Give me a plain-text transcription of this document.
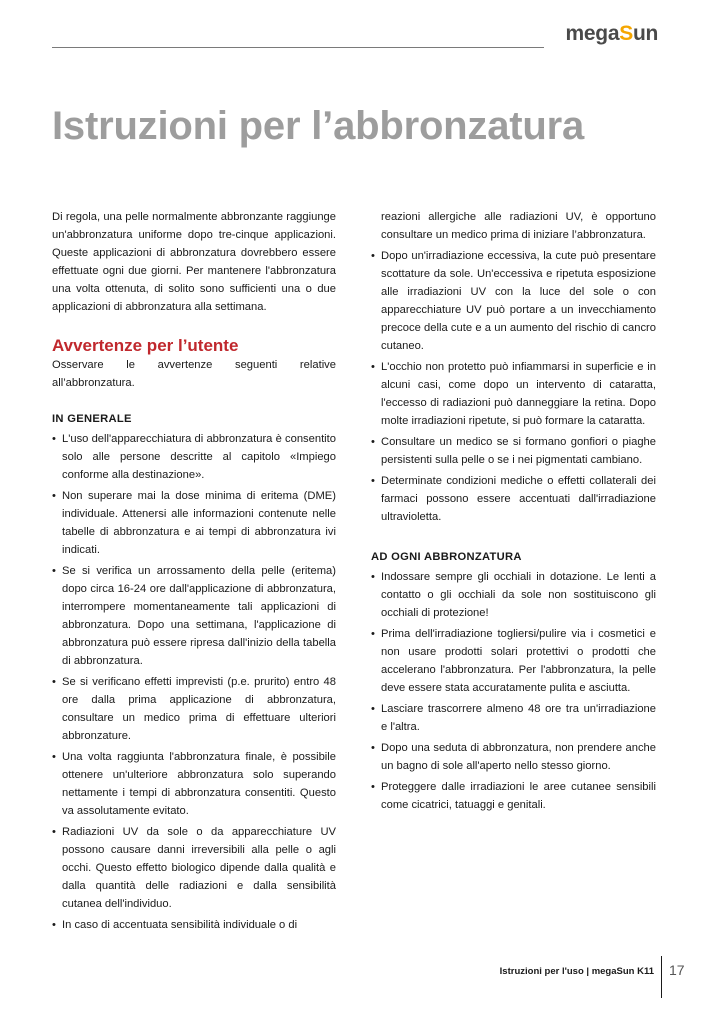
megaSun
Istruzioni per l’abbronzatura

Di regola, una pelle normalmente abbronzante raggiunge un'abbronzatura uniforme dopo tre-cinque applicazioni. Queste applicazioni di abbronzatura dovrebbero essere effettuate ogni due giorni. Per mantenere l'abbronzatura una volta ottenuta, di solito sono sufficienti una o due applicazioni di abbronzatura alla settimana.

Avvertenze per l’utente

Osservare le avvertenze seguenti relative all’abbronzatura.

IN GENERALE

• L'uso dell'apparecchiatura di abbronzatura è consentito solo alle persone descritte al capitolo «Impiego conforme alla destinazione».
• Non superare mai la dose minima di eritema (DME) individuale. Attenersi alle informazioni contenute nelle tabelle di abbronzatura e ai tempi di abbronzatura ivi indicati.
• Se si verifica un arrossamento della pelle (eritema) dopo circa 16-24 ore dall'applicazione di abbronzatura, interrompere momentaneamente tali applicazioni di abbronzatura. Dopo una settimana, l'applicazione di abbronzatura può essere ripresa dall'inizio della tabella di abbronzatura.
• Se si verificano effetti imprevisti (p.e. prurito) entro 48 ore dalla prima applicazione di abbronzatura, consultare un medico prima di effettuare ulteriori abbronzature.
• Una volta raggiunta l'abbronzatura finale, è possibile ottenere un'ulteriore abbronzatura solo superando nettamente i tempi di abbronzatura consentiti. Questo va assolutamente evitato.
• Radiazioni UV da sole o da apparecchiature UV possono causare danni irreversibili alla pelle o agli occhi. Questo effetto biologico dipende dalla qualità e dalla quantità delle radiazioni e dalla sensibilità cutanea dell'individuo.
• In caso di accentuata sensibilità individuale o di

reazioni allergiche alle radiazioni UV, è opportuno consultare un medico prima di iniziare l’abbronzatura.

• Dopo un'irradiazione eccessiva, la cute può presentare scottature da sole. Un'eccessiva e ripetuta esposizione alle irradiazioni UV con la luce del sole o con apparecchiature UV può portare a un invecchiamento precoce della cute e a un aumento del rischio di cancro cutaneo.
• L'occhio non protetto può infiammarsi in superficie e in alcuni casi, come dopo un intervento di cataratta, l'eccesso di radiazioni può danneggiare la retina. Dopo molte irradiazioni ripetute, si può formare la cataratta.
• Consultare un medico se si formano gonfiori o piaghe persistenti sulla pelle o se i nei pigmentati cambiano.
• Determinate condizioni mediche o effetti collaterali dei farmaci possono essere accentuati dall'irradiazione ultravioletta.

AD OGNI ABBRONZATURA

• Indossare sempre gli occhiali in dotazione. Le lenti a contatto o gli occhiali da sole non sostituiscono gli occhiali di protezione!
• Prima dell'irradiazione togliersi/pulire via i cosmetici e non usare prodotti solari protettivi o prodotti che accelerano l'abbronzatura. Per l'abbronzatura, la pelle deve essere stata accuratamente pulita e asciutta.
• Lasciare trascorrere almeno 48 ore tra un'irradiazione e l'altra.
• Dopo una seduta di abbronzatura, non prendere anche un bagno di sole all'aperto nello stesso giorno.
• Proteggere dalle irradiazioni le aree cutanee sensibili come cicatrici, tatuaggi e genitali.
Istruzioni per l'uso | megaSun K11 17
